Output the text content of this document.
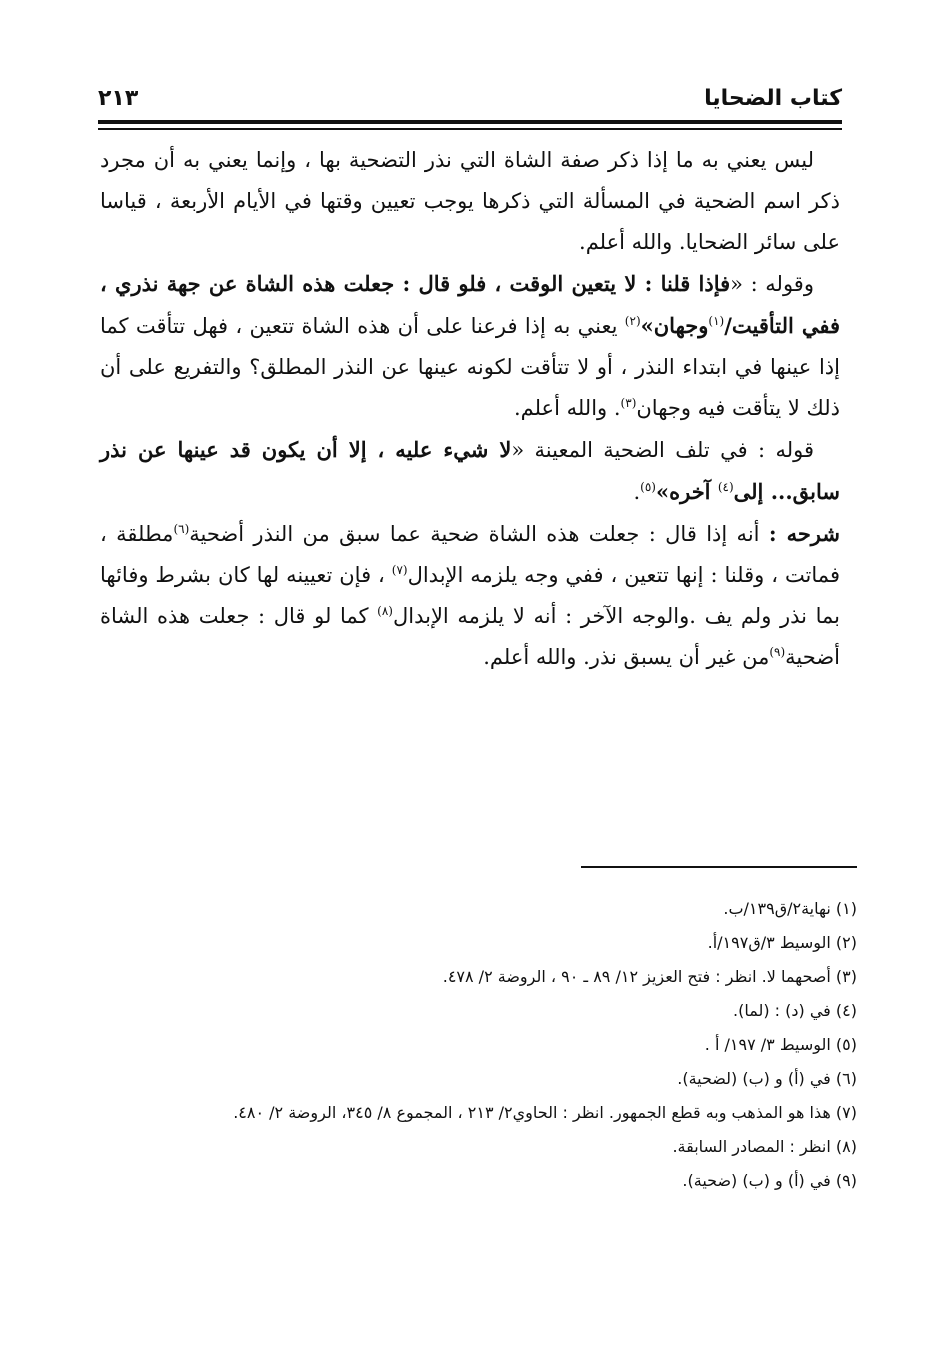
كتاب الضحايا
٢١٣

ليس يعني به ما إذا ذكر صفة الشاة التي نذر التضحية بها ، وإنما يعني به أن مجرد ذكر اسم الضحية في المسألة التي ذكرها يوجب تعيين وقتها في الأيام الأربعة ، قياسا على سائر الضحايا. والله أعلم.

وقوله : «فإذا قلنا : لا يتعين الوقت ، فلو قال : جعلت هذه الشاة عن جهة نذري ، ففي التأقيت/$^{(١)}$وجهان»$^{(٢)}$ يعني به إذا فرعنا على أن هذه الشاة تتعين ، فهل تتأقت كما إذا عينها في ابتداء النذر ، أو لا تتأقت لكونه عينها عن النذر المطلق؟ والتفريع على أن ذلك لا يتأقت فيه وجهان$^{(٣)}$. والله أعلم.

قوله : في تلف الضحية المعينة «لا شيء عليه ، إلا أن يكون قد عينها عن نذر سابق... إلى$^{(٤)}$ آخره»$^{(٥)}$.

شرحه : أنه إذا قال : جعلت هذه الشاة ضحية عما سبق من النذر أضحية$^{(٦)}$مطلقة ، فماتت ، وقلنا : إنها تتعين ، ففي وجه يلزمه الإبدال$^{(٧)}$ ، فإن تعيينه لها كان بشرط وفائها بما نذر ولم يف .والوجه الآخر : أنه لا يلزمه الإبدال$^{(٨)}$ كما لو قال : جعلت هذه الشاة أضحية$^{(٩)}$من غير أن يسبق نذر. والله أعلم.

(١) نهاية٢/ق١٣٩/ب.

(٢) الوسيط ٣/ق١٩٧/أ.

(٣) أصحهما لا. انظر : فتح العزيز ١٢/ ٨٩ ـ ٩٠ ، الروضة ٢/ ٤٧٨.

(٤) في (د) : (لما).

(٥) الوسيط ٣/ ١٩٧/ أ .

(٦) في (أ) و (ب) (لضحية).

(٧) هذا هو المذهب وبه قطع الجمهور. انظر : الحاوي٢/ ٢١٣ ، المجموع ٨/ ٣٤٥، الروضة ٢/ ٤٨٠.

(٨) انظر : المصادر السابقة.

(٩) في (أ) و (ب) (ضحية).
